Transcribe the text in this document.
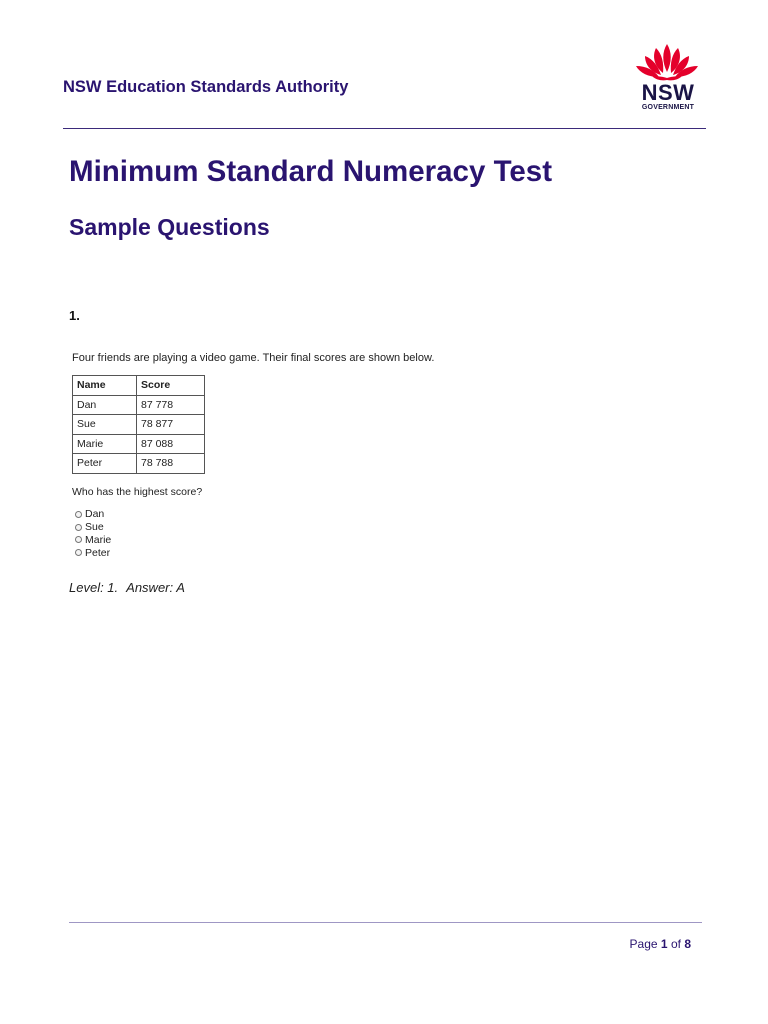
NSW Education Standards Authority	NSW
GOVERNMENT
Minimum Standard Numeracy Test
Sample Questions
1.
Four friends are playing a video game. Their final scores are shown below.
Name	Score
Dan	87 778
Sue	78 877
Marie	87 088
Peter	78 788
Who has the highest score?
Dan
Sue
Marie
Peter
Level: 1. Answer: A
Page 1 of 8
